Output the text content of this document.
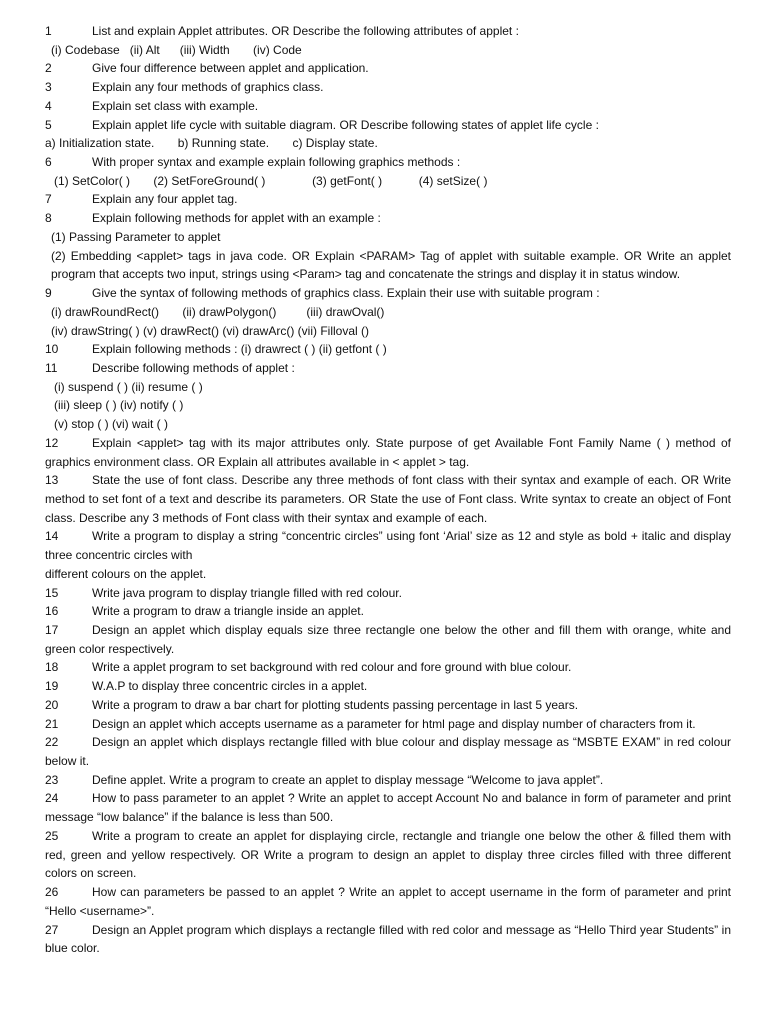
1	List and explain Applet attributes. OR Describe the following attributes of applet :

(i) Codebase   (ii) Alt      (iii) Width       (iv) Code

2	Give four difference between applet and application.

3	Explain any four methods of graphics class.

4	Explain set class with example.

5	Explain applet life cycle with suitable diagram. OR Describe following states of applet life cycle :

a) Initialization state.       b) Running state.       c) Display state.

6	With proper syntax and example explain following graphics methods :

(1) SetColor( )       (2) SetForeGround( )              (3) getFont( )           (4) setSize( )

7	Explain any four applet tag.

8	Explain following methods for applet with an example :

(1) Passing Parameter to applet

(2) Embedding <applet> tags in java code. OR Explain <PARAM> Tag of applet with suitable example. OR Write an applet program that accepts two input, strings using <Param> tag and concatenate the strings and display it in status window.

9	Give the syntax of following methods of graphics class. Explain their use with suitable program :

(i) drawRoundRect()       (ii) drawPolygon()         (iii) drawOval()

(iv) drawString( ) (v) drawRect() (vi) drawArc() (vii) Filloval ()

10	Explain following methods : (i) drawrect ( ) (ii) getfont ( )

11	Describe following methods of applet :

(i) suspend ( ) (ii) resume ( )

(iii) sleep ( ) (iv) notify ( )

(v) stop ( ) (vi) wait ( )

12	Explain <applet> tag with its major attributes only. State purpose of get Available Font Family Name ( ) method of graphics environment class. OR Explain all attributes available in < applet > tag.

13	State the use of font class. Describe any three methods of font class with their syntax and example of each. OR Write method to set font of a text and describe its parameters. OR State the use of Font class. Write syntax to create an object of Font class. Describe any 3 methods of Font class with their syntax and example of each.

14	Write a program to display a string “concentric circles” using font ‘Arial’ size as 12 and style as bold + italic and display three concentric circles with

different colours on the applet.

15	Write java program to display triangle filled with red colour.

16	Write a program to draw a triangle inside an applet.

17	Design an applet which display equals size three rectangle one below the other and fill them with orange, white and green color respectively.

18	Write a applet program to set background with red colour and fore ground with blue colour.

19	W.A.P to display three concentric circles in a applet.

20	Write a program to draw a bar chart for plotting students passing percentage in last 5 years.

21	Design an applet which accepts username as a parameter for html page and display number of characters from it.

22	Design an applet which displays rectangle filled with blue colour and display message as “MSBTE EXAM” in red colour below it.

23	Define applet. Write a program to create an applet to display message “Welcome to java applet”.

24	How to pass parameter to an applet ? Write an applet to accept Account No and balance in form of parameter and print message “low balance” if the balance is less than 500.

25	Write a program to create an applet for displaying circle, rectangle and triangle one below the other & filled them with red, green and yellow respectively. OR Write a program to design an applet to display three circles filled with three different colors on screen.

26	How can parameters be passed to an applet ? Write an applet to accept username in the form of parameter and print “Hello <username>”.

27	Design an Applet program which displays a rectangle filled with red color and message as “Hello Third year Students” in blue color.
